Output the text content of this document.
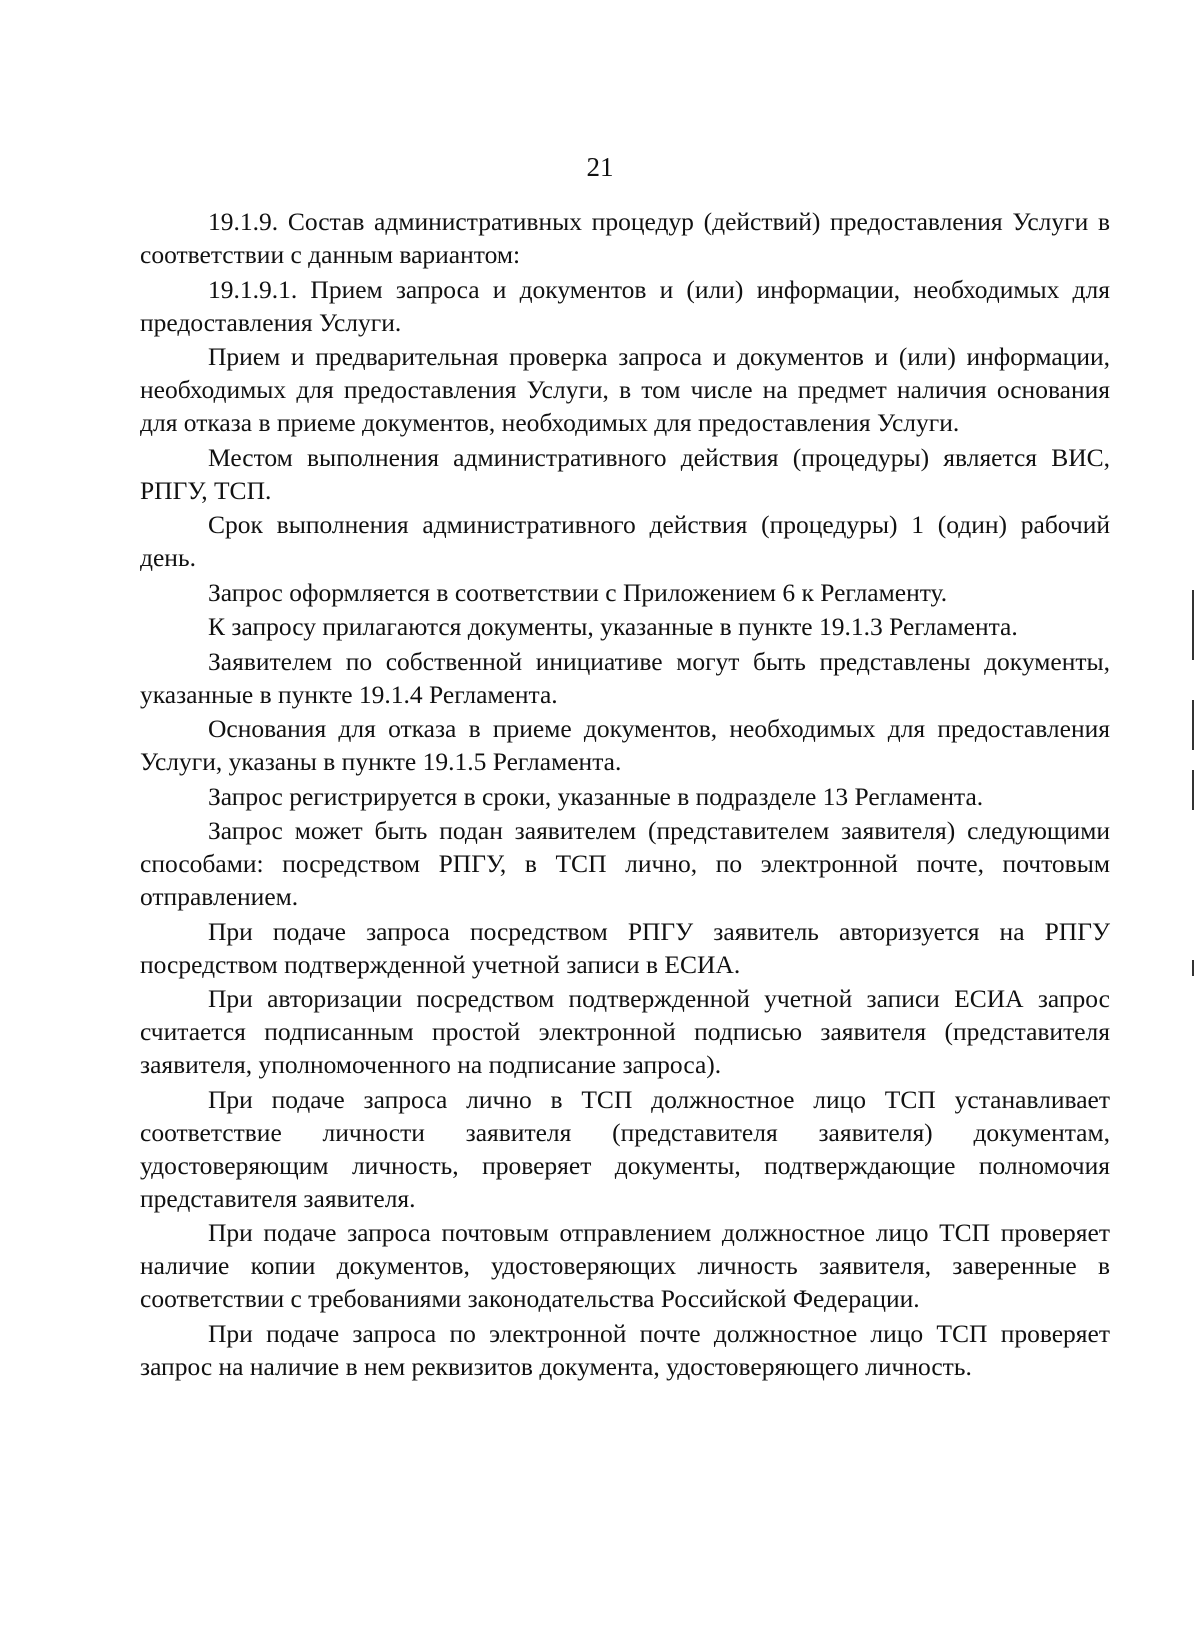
21

19.1.9. Состав административных процедур (действий) предоставления Услуги в соответствии с данным вариантом:

19.1.9.1. Прием запроса и документов и (или) информации, необходимых для предоставления Услуги.

Прием и предварительная проверка запроса и документов и (или) информации, необходимых для предоставления Услуги, в том числе на предмет наличия основания для отказа в приеме документов, необходимых для предоставления Услуги.

Местом выполнения административного действия (процедуры) является ВИС, РПГУ, ТСП.

Срок выполнения административного действия (процедуры) 1 (один) рабочий день.

Запрос оформляется в соответствии с Приложением 6 к Регламенту.

К запросу прилагаются документы, указанные в пункте 19.1.3 Регламента.

Заявителем по собственной инициативе могут быть представлены документы, указанные в пункте 19.1.4 Регламента.

Основания для отказа в приеме документов, необходимых для предоставления Услуги, указаны в пункте 19.1.5 Регламента.

Запрос регистрируется в сроки, указанные в подразделе 13 Регламента.

Запрос может быть подан заявителем (представителем заявителя) следующими способами: посредством РПГУ, в ТСП лично, по электронной почте, почтовым отправлением.

При подаче запроса посредством РПГУ заявитель авторизуется на РПГУ посредством подтвержденной учетной записи в ЕСИА.

При авторизации посредством подтвержденной учетной записи ЕСИА запрос считается подписанным простой электронной подписью заявителя (представителя заявителя, уполномоченного на подписание запроса).

При подаче запроса лично в ТСП должностное лицо ТСП устанавливает соответствие личности заявителя (представителя заявителя) документам, удостоверяющим личность, проверяет документы, подтверждающие полномочия представителя заявителя.

При подаче запроса почтовым отправлением должностное лицо ТСП проверяет наличие копии документов, удостоверяющих личность заявителя, заверенные в соответствии с требованиями законодательства Российской Федерации.

При подаче запроса по электронной почте должностное лицо ТСП проверяет запрос на наличие в нем реквизитов документа, удостоверяющего личность.
